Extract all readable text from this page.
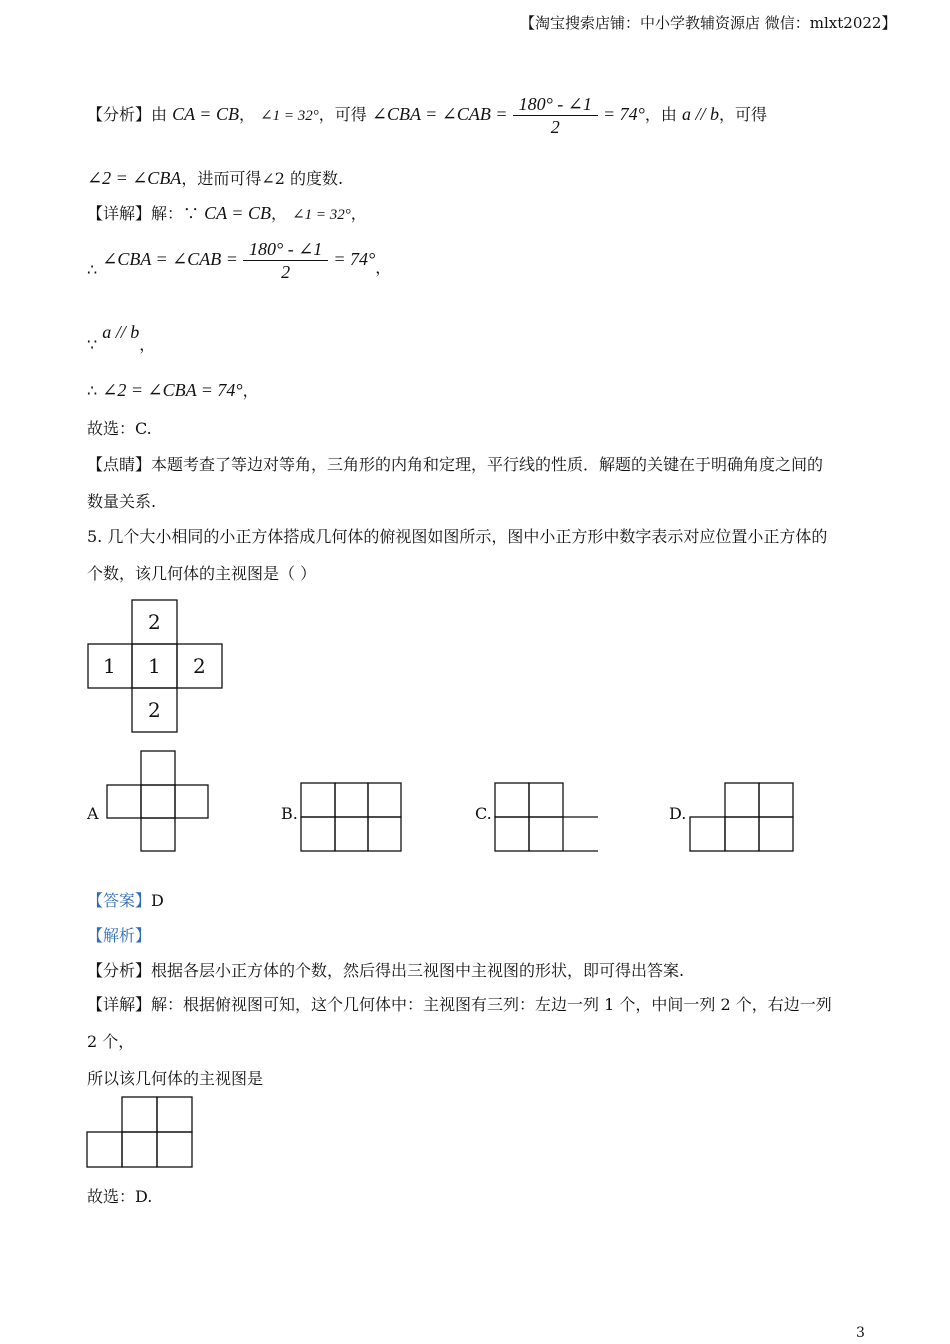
【淘宝搜索店铺：中小学教辅资源店 微信：mlxt2022】
【分析】由 CA = CB， ∠1 = 32°，可得 ∠CBA = ∠CAB = $\frac{180^\circ - \angle 1}{2} = 74^\circ$，由 a // b，可得
∠2 = ∠CBA，进而可得∠2 的度数.
【详解】解：∵ CA = CB， ∠1 = 32°，
∴ ∠CBA = ∠CAB = $\frac{180^\circ - \angle 1}{2} = 74^\circ$，
∵ a // b，
∴ ∠2 = ∠CBA = 74°，
故选：C.
【点睛】本题考查了等边对等角，三角形的内角和定理，平行线的性质．解题的关键在于明确角度之间的
数量关系.
5. 几个大小相同的小正方体搭成几何体的俯视图如图所示，图中小正方形中数字表示对应位置小正方体的
个数，该几何体的主视图是（ ）
2
1 1 2
2
A	B.	C.	D.
【答案】D
【解析】
【分析】根据各层小正方体的个数，然后得出三视图中主视图的形状，即可得出答案.
【详解】解：根据俯视图可知，这个几何体中：主视图有三列：左边一列 1 个，中间一列 2 个，右边一列
2 个，
所以该几何体的主视图是
故选：D.
3
